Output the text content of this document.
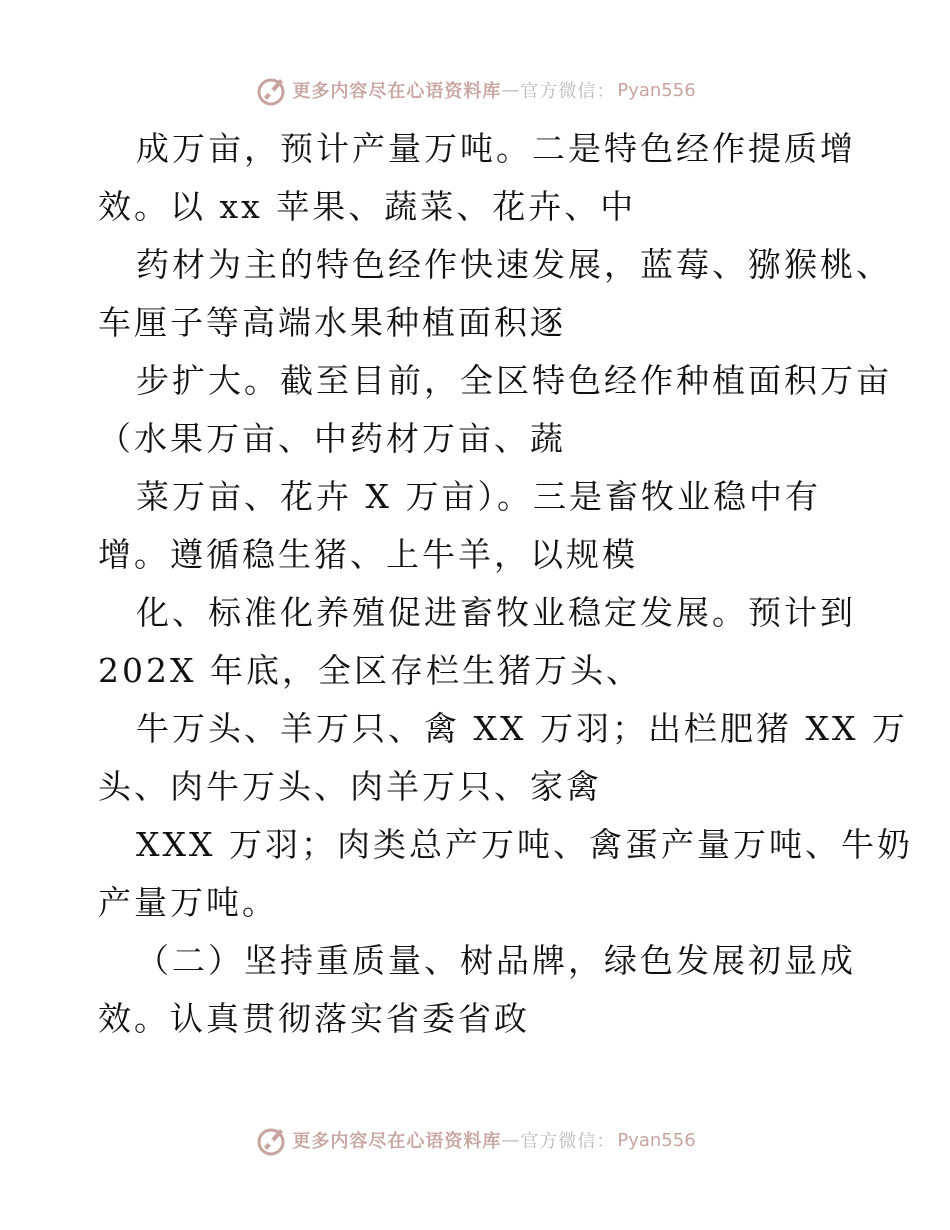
更多内容尽在心语资料库 — 官方微信： Pyan556

成万亩，预计产量万吨。二是特色经作提质增

效。以 xx 苹果、蔬菜、花卉、中

药材为主的特色经作快速发展，蓝莓、猕猴桃、

车厘子等高端水果种植面积逐

步扩大。截至目前，全区特色经作种植面积万亩

（水果万亩、中药材万亩、蔬

菜万亩、花卉 X 万亩）。三是畜牧业稳中有

增。遵循稳生猪、上牛羊，以规模

化、标准化养殖促进畜牧业稳定发展。预计到

202X 年底，全区存栏生猪万头、

牛万头、羊万只、禽 XX 万羽；出栏肥猪 XX 万

头、肉牛万头、肉羊万只、家禽

XXX 万羽；肉类总产万吨、禽蛋产量万吨、牛奶

产量万吨。

（二）坚持重质量、树品牌，绿色发展初显成

效。认真贯彻落实省委省政

更多内容尽在心语资料库 — 官方微信： Pyan556
